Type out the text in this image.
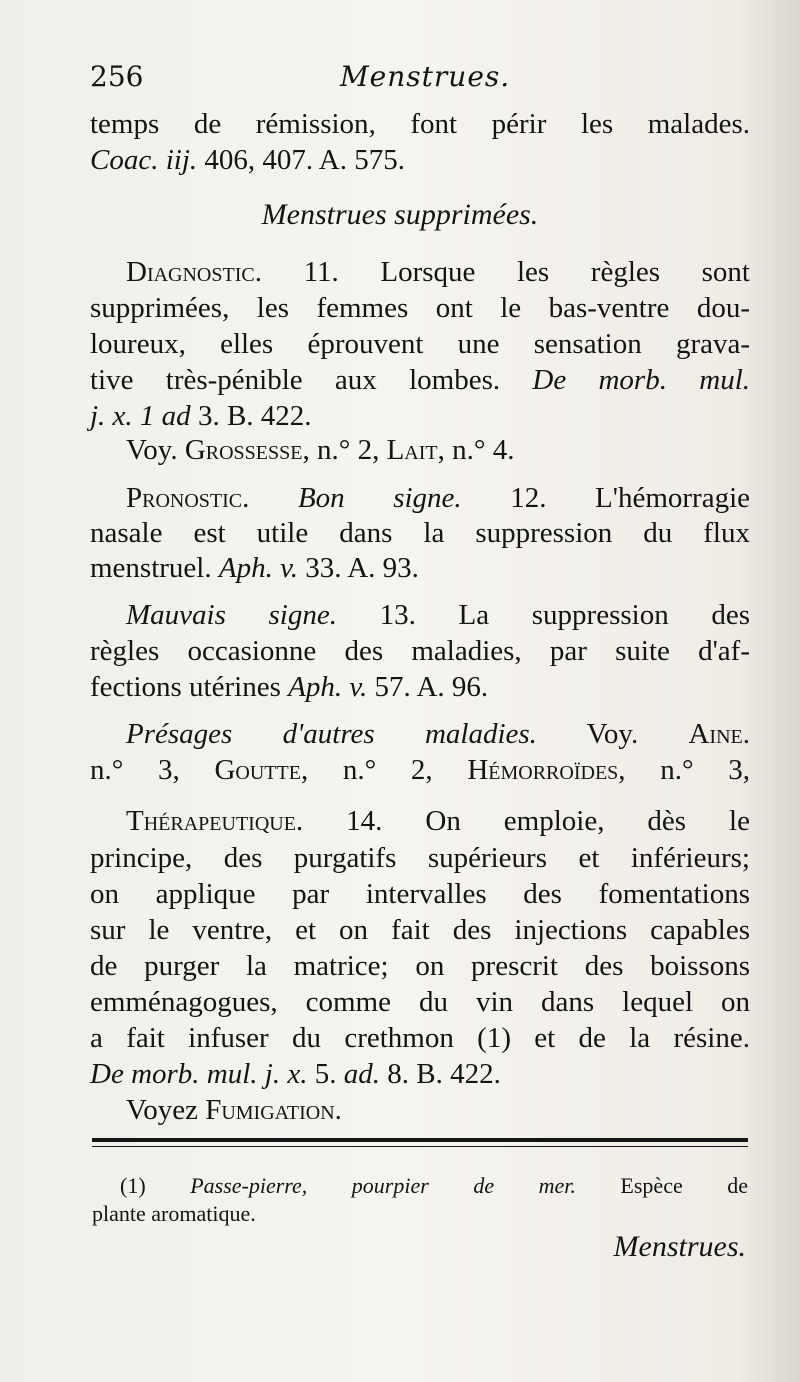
256	Menstrues.
temps de rémission, font périr les malades.
Coac. iij. 406, 407. A. 575.
Menstrues supprimées.
Diagnostic. 11. Lorsque les règles sont
supprimées, les femmes ont le bas-ventre dou-
loureux, elles éprouvent une sensation grava-
tive très-pénible aux lombes. De morb. mul.
j. x. 1 ad 3. B. 422.
Voy. Grossesse, n.° 2, Lait, n.° 4.
Pronostic. Bon signe. 12. L'hémorragie
nasale est utile dans la suppression du flux
menstruel. Aph. v. 33. A. 93.
Mauvais signe. 13. La suppression des
règles occasionne des maladies, par suite d'af-
fections utérines Aph. v. 57. A. 96.
Présages d'autres maladies. Voy. Aine.
n.° 3, Goutte, n.° 2, Hémorroïdes, n.° 3,
Thérapeutique. 14. On emploie, dès le
principe, des purgatifs supérieurs et inférieurs;
on applique par intervalles des fomentations
sur le ventre, et on fait des injections capables
de purger la matrice; on prescrit des boissons
emménagogues, comme du vin dans lequel on
a fait infuser du crethmon (1) et de la résine.
De morb. mul. j. x. 5. ad. 8. B. 422.
Voyez Fumigation.
(1) Passe-pierre, pourpier de mer. Espèce de
plante aromatique.
Menstrues.
